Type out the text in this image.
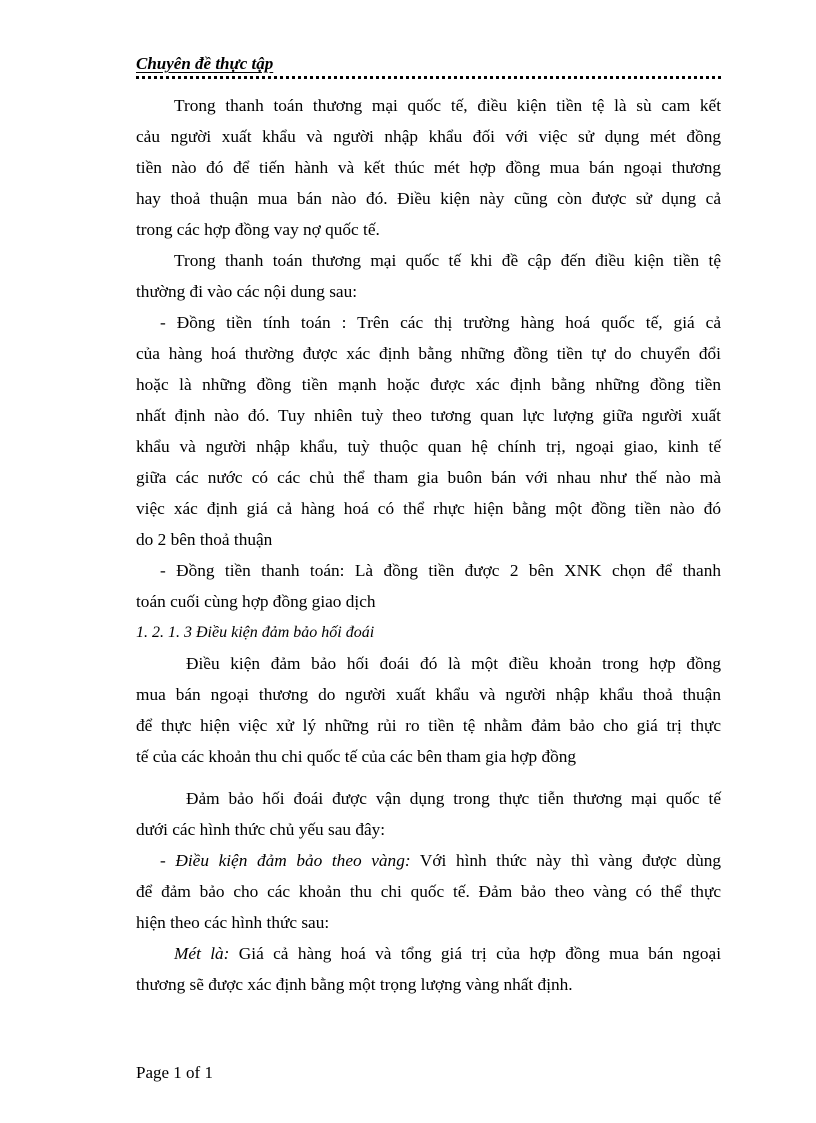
Chuyên đề thực tập
Trong thanh toán thương mại quốc tế, điều kiện tiền tệ là sù cam kết
cảu người xuất khẩu và người nhập khẩu đối với việc sử dụng mét đồng
tiền nào đó để tiến hành và kết thúc mét hợp đồng mua bán ngoại thương
hay thoả thuận mua bán nào đó. Điều kiện này cũng còn được sử dụng cả
trong các hợp đồng vay nợ quốc tế.
Trong thanh toán thương mại quốc tế khi đề cập đến điều kiện tiền tệ
thường đi vào các nội dung sau:
- Đồng tiền tính toán : Trên các thị trường hàng hoá quốc tế, giá cả
của hàng hoá thường được xác định bằng những đồng tiền tự do chuyển đổi
hoặc là những đồng tiền mạnh hoặc được xác định bằng những đồng tiền
nhất định nào đó. Tuy nhiên tuỳ theo tương quan lực lượng giữa người xuất
khẩu và người nhập khẩu, tuỳ thuộc quan hệ chính trị, ngoại giao, kinh tế
giữa các nước có các chủ thể tham gia buôn bán với nhau như thế nào mà
việc xác định giá cả hàng hoá có thể rhực hiện bằng một đồng tiền nào đó
do 2 bên thoả thuận
- Đồng tiền thanh toán: Là đồng tiền được 2 bên XNK chọn để thanh
toán cuối cùng hợp đồng giao dịch
1. 2. 1. 3 Điều kiện đảm bảo hối đoái
Điều kiện đảm bảo hối đoái đó là một điều khoản trong hợp đồng
mua bán ngoại thương do người xuất khẩu và người nhập khẩu thoả thuận
để thực hiện việc xử lý những rủi ro tiền tệ nhằm đảm bảo cho giá trị thực
tế của các khoản thu chi quốc tế của các bên tham gia hợp đồng
Đảm bảo hối đoái được vận dụng trong thực tiễn thương mại quốc tế
dưới các hình thức chủ yếu sau đây:
- Điều kiện đảm bảo theo vàng: Với hình thức này thì vàng được dùng
để đảm bảo cho các khoản thu chi quốc tế. Đảm bảo theo vàng có thể thực
hiện theo các hình thức sau:
Mét là: Giá cả hàng hoá và tổng giá trị của hợp đồng mua bán ngoại
thương sẽ được xác định bằng một trọng lượng vàng nhất định.
Page 1 of 1
